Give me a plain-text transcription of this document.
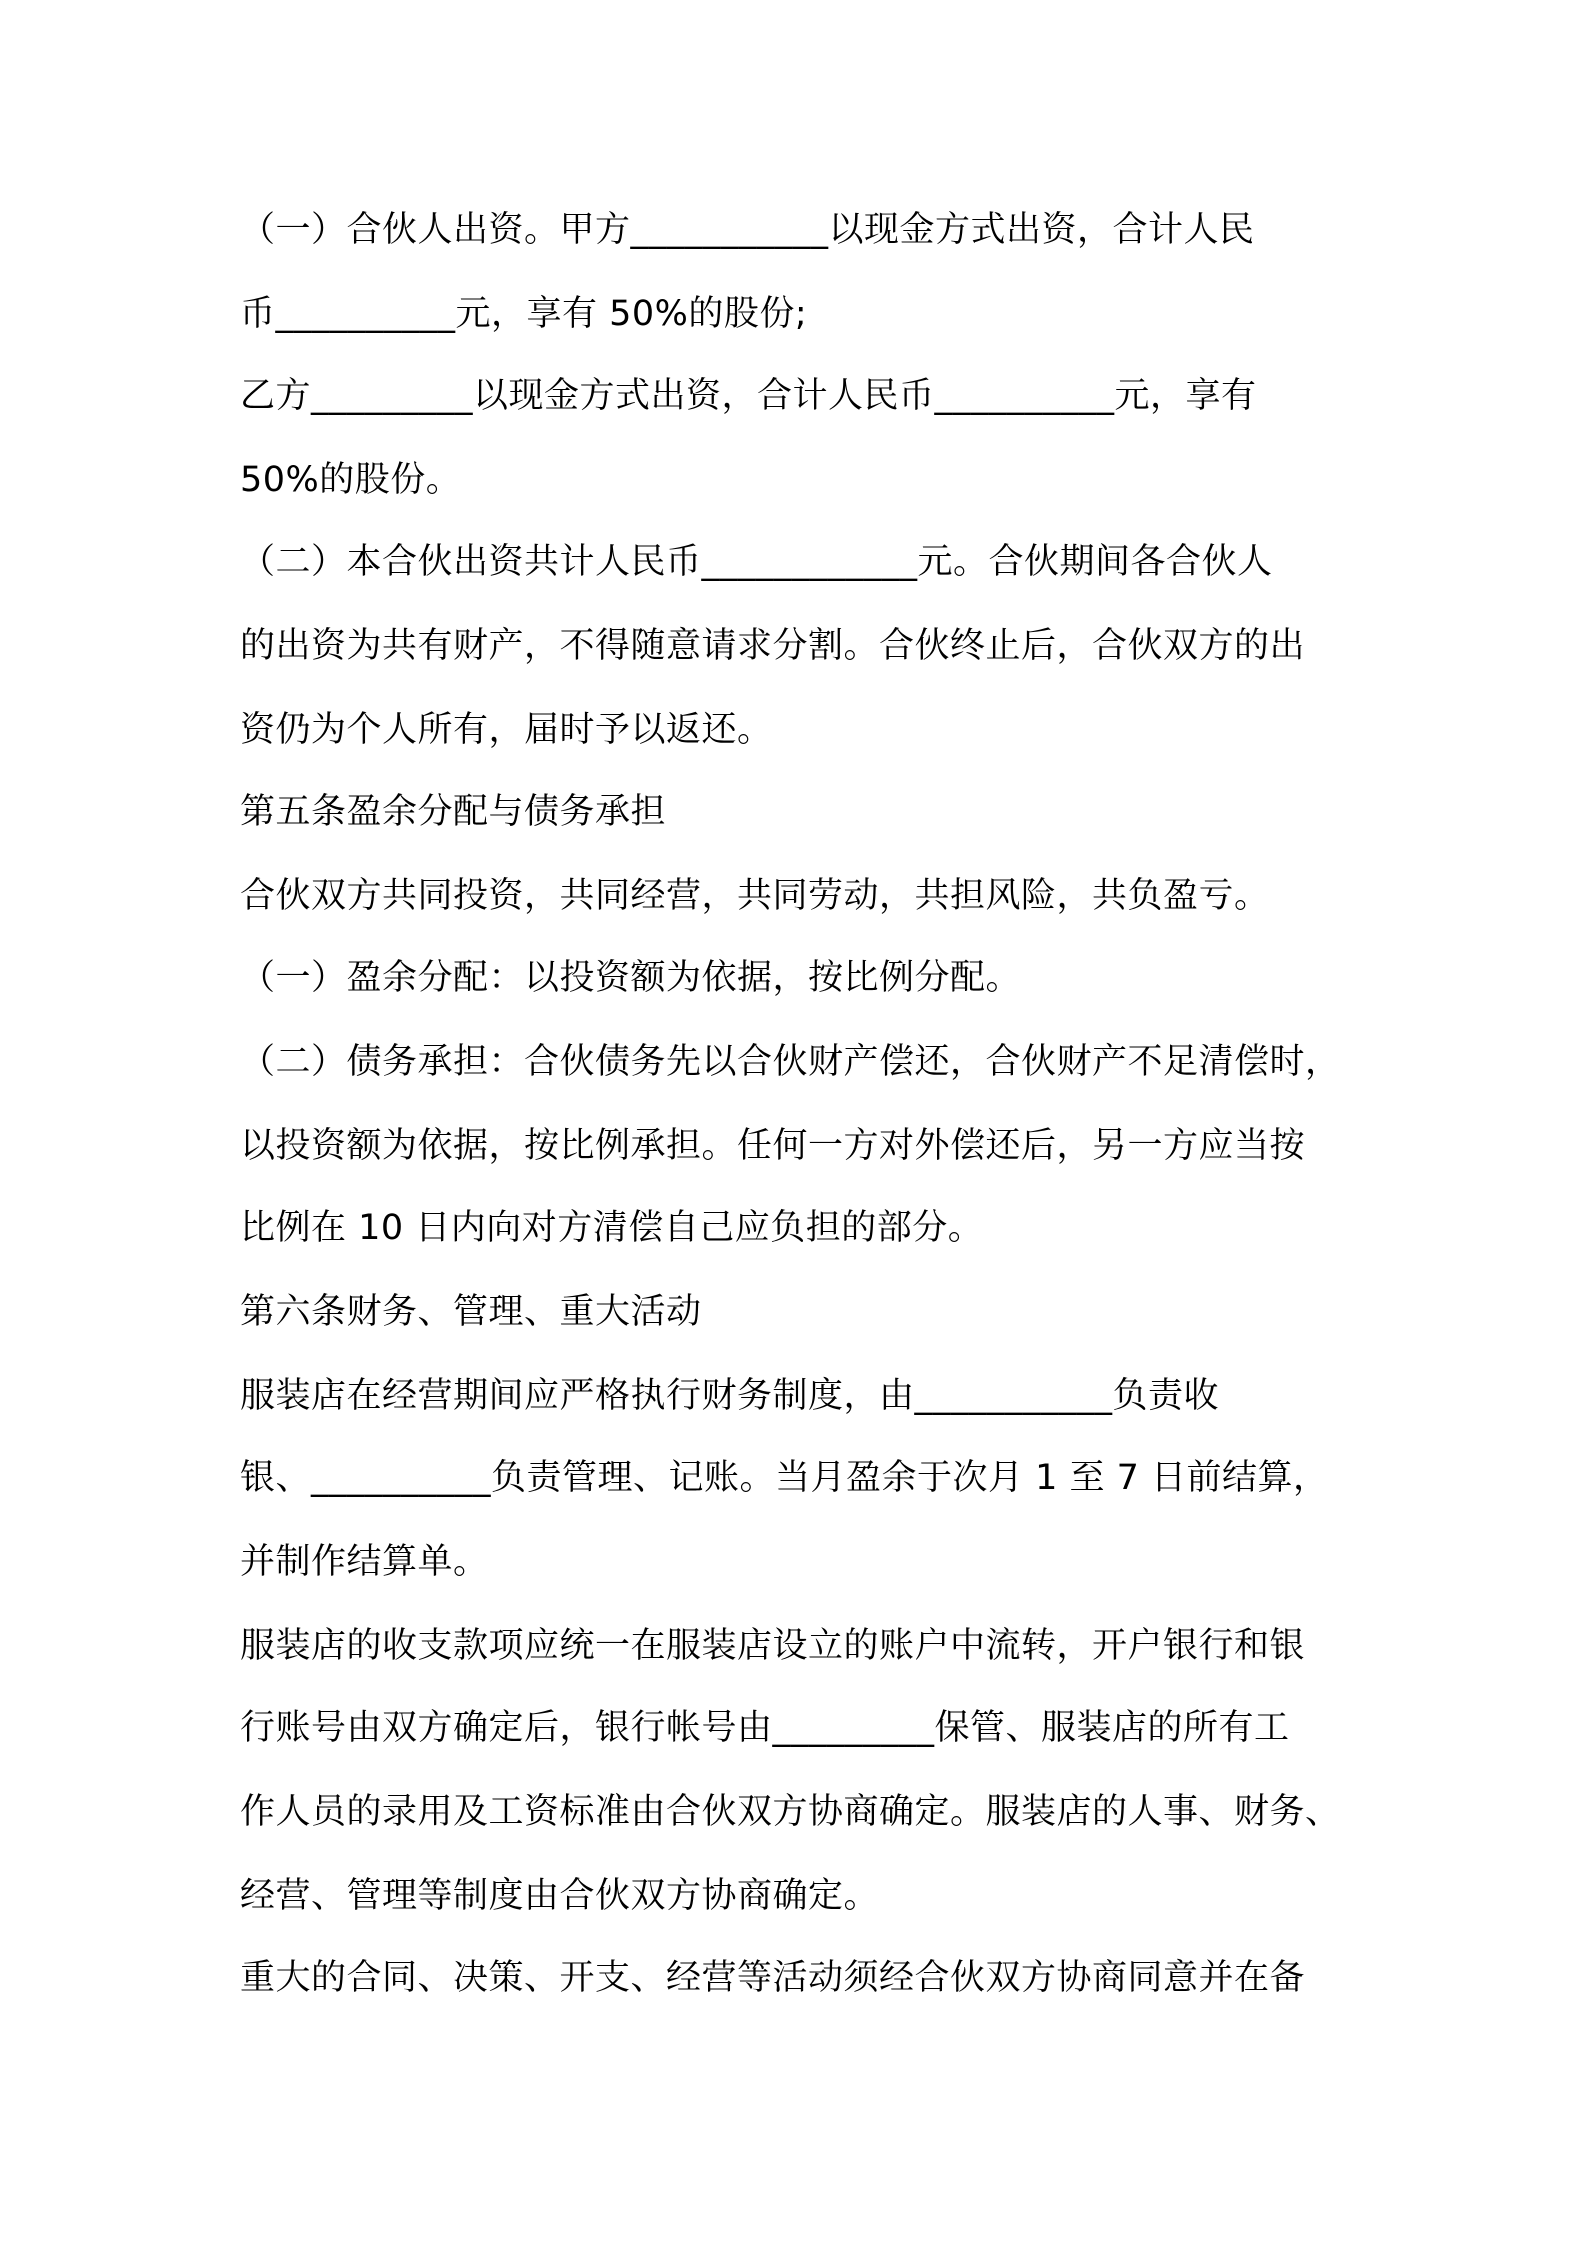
（一）合伙人出资。甲方___________以现金方式出资，合计人民
币__________元，享有 50%的股份;
乙方_________以现金方式出资，合计人民币__________元，享有
50%的股份。
（二）本合伙出资共计人民币____________元。合伙期间各合伙人
的出资为共有财产，不得随意请求分割。合伙终止后，合伙双方的出
资仍为个人所有，届时予以返还。
第五条盈余分配与债务承担
合伙双方共同投资，共同经营，共同劳动，共担风险，共负盈亏。
（一）盈余分配：以投资额为依据，按比例分配。
（二）债务承担：合伙债务先以合伙财产偿还，合伙财产不足清偿时，
以投资额为依据，按比例承担。任何一方对外偿还后，另一方应当按
比例在 10 日内向对方清偿自己应负担的部分。
第六条财务、管理、重大活动
服装店在经营期间应严格执行财务制度，由___________负责收
银、__________负责管理、记账。当月盈余于次月 1 至 7 日前结算，
并制作结算单。
服装店的收支款项应统一在服装店设立的账户中流转，开户银行和银
行账号由双方确定后，银行帐号由_________保管、服装店的所有工
作人员的录用及工资标准由合伙双方协商确定。服装店的人事、财务、
经营、管理等制度由合伙双方协商确定。
重大的合同、决策、开支、经营等活动须经合伙双方协商同意并在备
